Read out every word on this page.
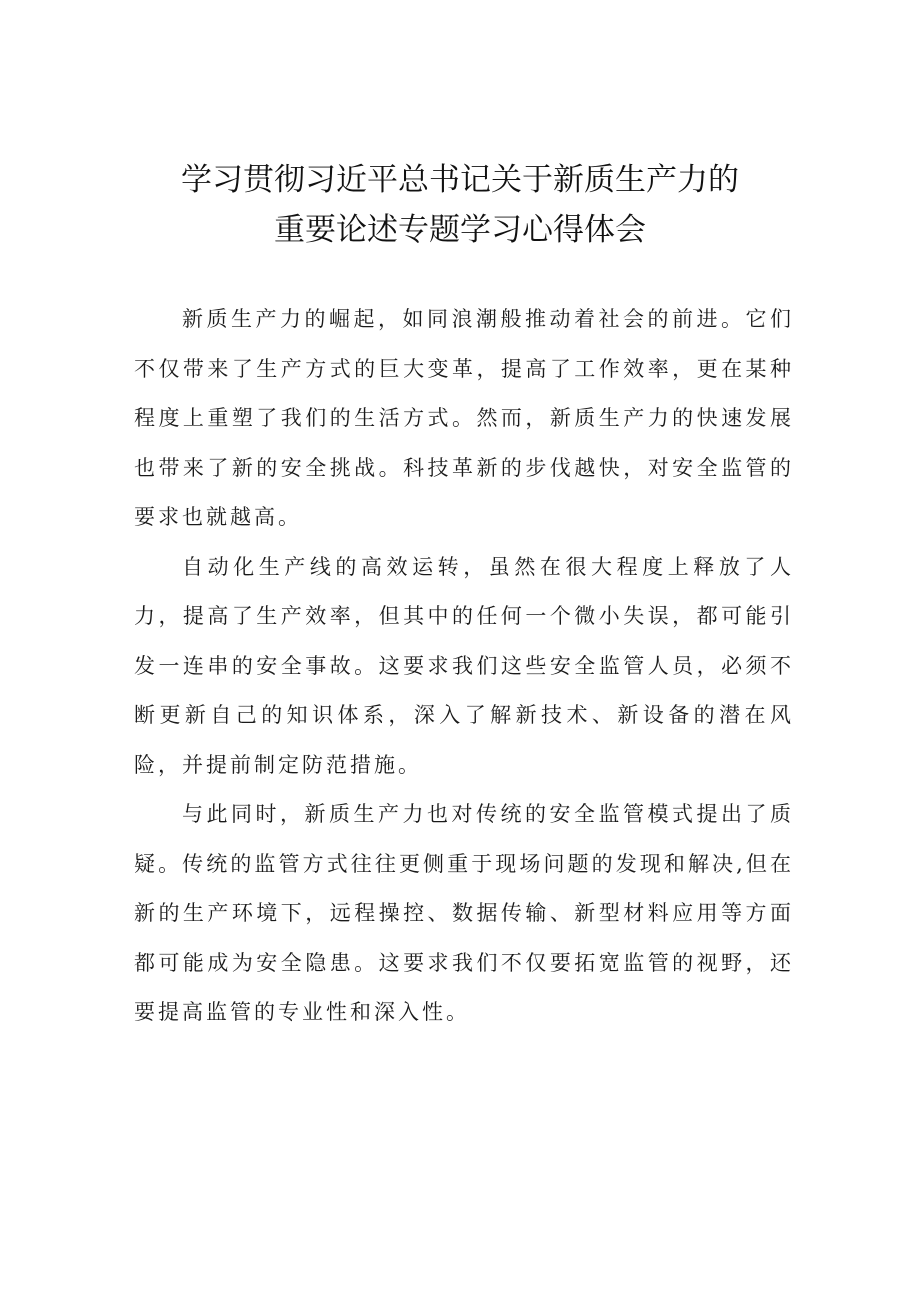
学习贯彻习近平总书记关于新质生产力的
重要论述专题学习心得体会

新质生产力的崛起，如同浪潮般推动着社会的前进。它们不仅带来了生产方式的巨大变革，提高了工作效率，更在某种程度上重塑了我们的生活方式。然而，新质生产力的快速发展也带来了新的安全挑战。科技革新的步伐越快，对安全监管的要求也就越高。

自动化生产线的高效运转，虽然在很大程度上释放了人力，提高了生产效率，但其中的任何一个微小失误，都可能引发一连串的安全事故。这要求我们这些安全监管人员，必须不断更新自己的知识体系，深入了解新技术、新设备的潜在风险，并提前制定防范措施。

与此同时，新质生产力也对传统的安全监管模式提出了质疑。传统的监管方式往往更侧重于现场问题的发现和解决,但在新的生产环境下，远程操控、数据传输、新型材料应用等方面都可能成为安全隐患。这要求我们不仅要拓宽监管的视野，还要提高监管的专业性和深入性。
